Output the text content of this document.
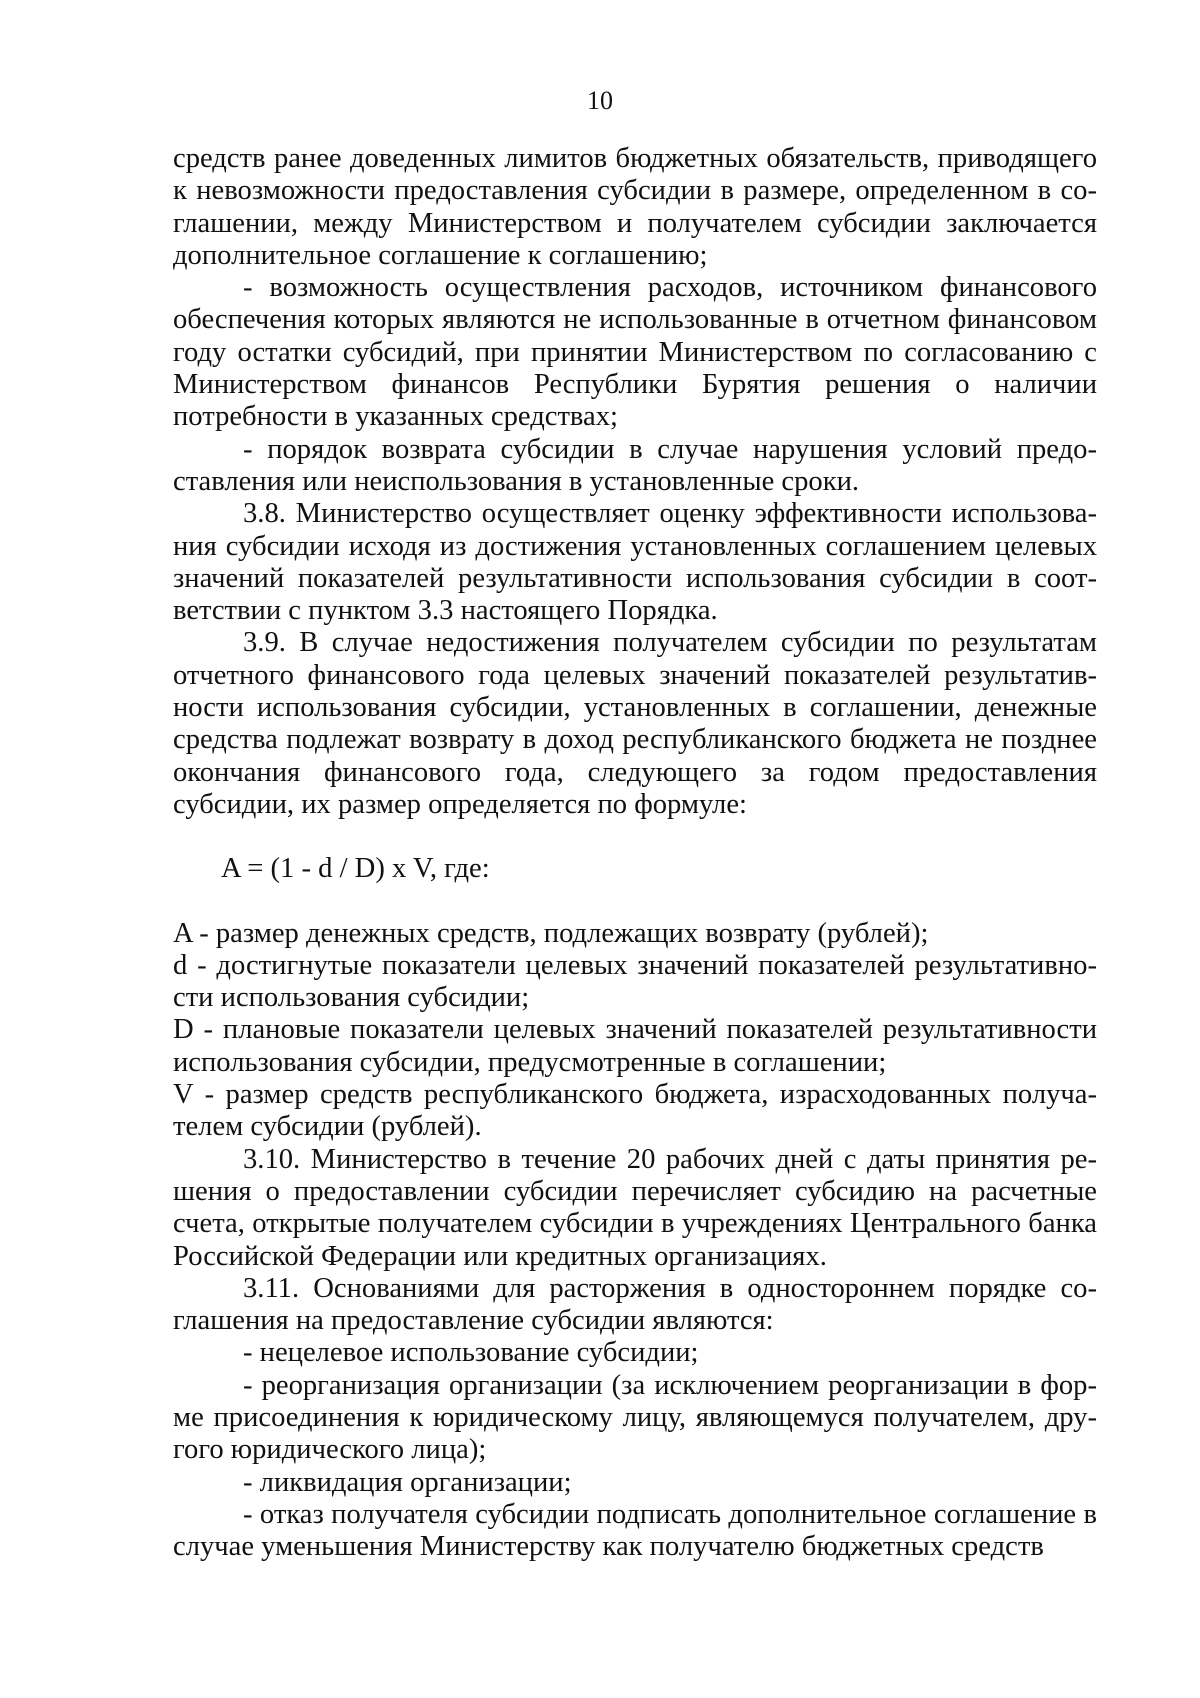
10

средств ранее доведенных лимитов бюджетных обязательств, приводящего к невозможности предоставления субсидии в размере, определенном в соглашении, между Министерством и получателем субсидии заключается дополнительное соглашение к соглашению;

- возможность осуществления расходов, источником финансового обеспечения которых являются не использованные в отчетном финансовом году остатки субсидий, при принятии Министерством по согласованию с Министерством финансов Республики Бурятия решения о наличии потребности в указанных средствах;

- порядок возврата субсидии в случае нарушения условий предоставления или неиспользования в установленные сроки.

3.8. Министерство осуществляет оценку эффективности использования субсидии исходя из достижения установленных соглашением целевых значений показателей результативности использования субсидии в соответствии с пунктом 3.3 настоящего Порядка.

3.9. В случае недостижения получателем субсидии по результатам отчетного финансового года целевых значений показателей результативности использования субсидии, установленных в соглашении, денежные средства подлежат возврату в доход республиканского бюджета не позднее окончания финансового года, следующего за годом предоставления субсидии, их размер определяется по формуле:

A = (1 - d / D) x V, где:

A - размер денежных средств, подлежащих возврату (рублей);

d - достигнутые показатели целевых значений показателей результативности использования субсидии;

D - плановые показатели целевых значений показателей результативности использования субсидии, предусмотренные в соглашении;

V - размер средств республиканского бюджета, израсходованных получателем субсидии (рублей).

3.10. Министерство в течение 20 рабочих дней с даты принятия решения о предоставлении субсидии перечисляет субсидию на расчетные счета, открытые получателем субсидии в учреждениях Центрального банка Российской Федерации или кредитных организациях.

3.11. Основаниями для расторжения в одностороннем порядке соглашения на предоставление субсидии являются:

- нецелевое использование субсидии;

- реорганизация организации (за исключением реорганизации в форме присоединения к юридическому лицу, являющемуся получателем, другого юридического лица);

- ликвидация организации;

- отказ получателя субсидии подписать дополнительное соглашение в случае уменьшения Министерству как получателю бюджетных средств
